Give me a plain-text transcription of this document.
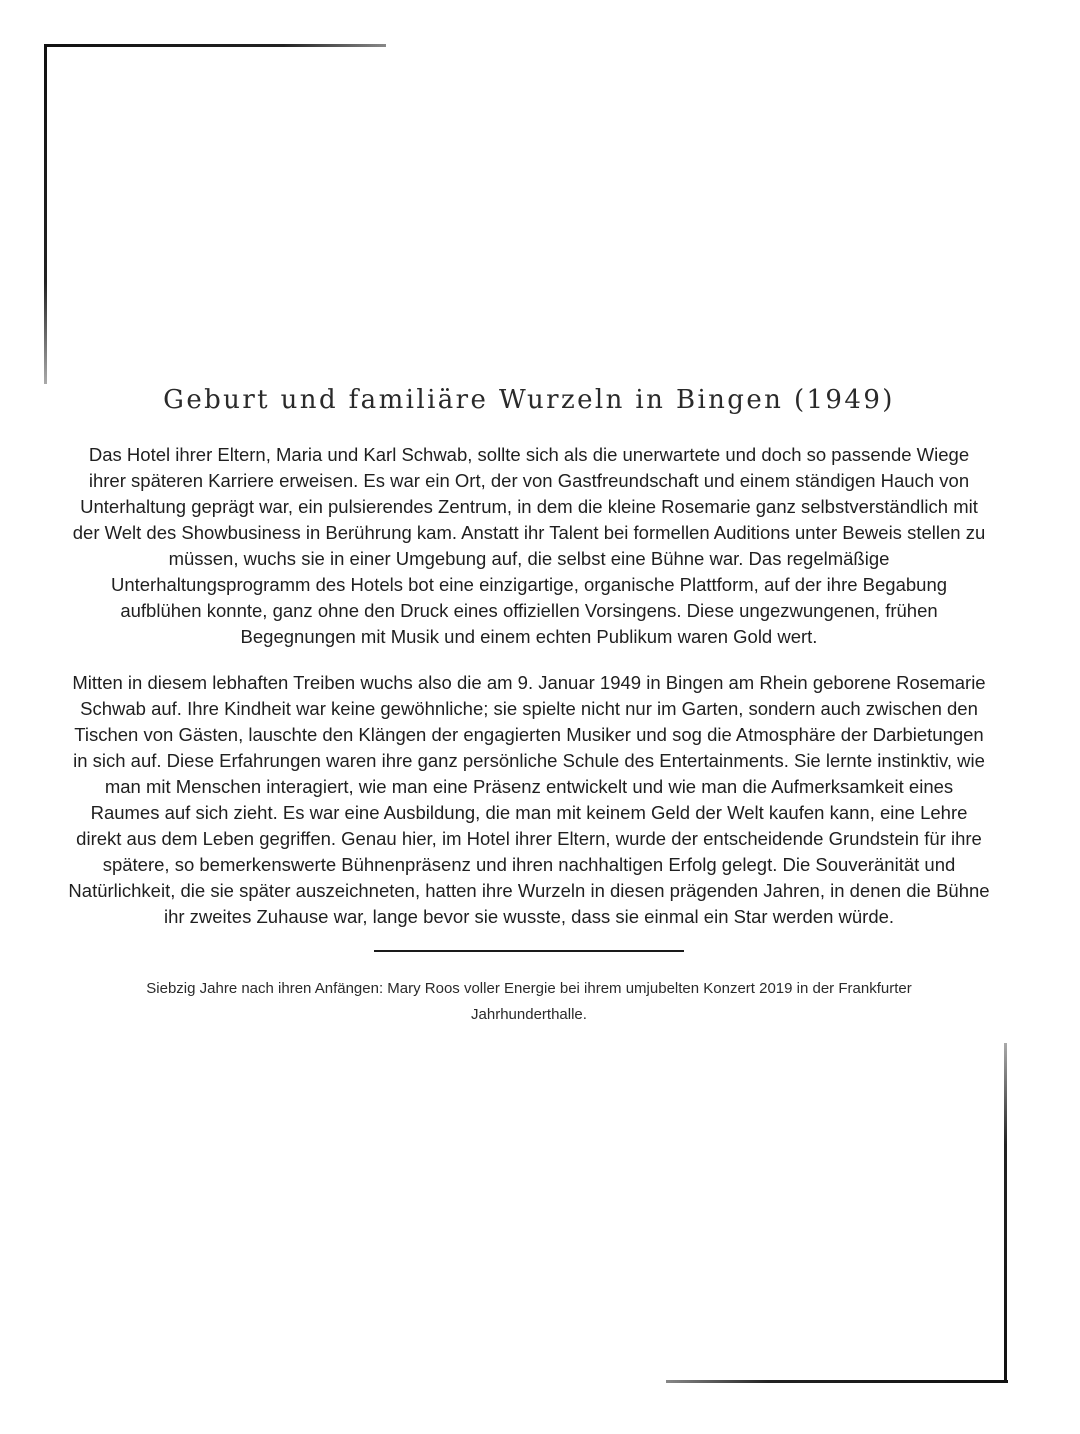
Geburt und familiäre Wurzeln in Bingen (1949)

Das Hotel ihrer Eltern, Maria und Karl Schwab, sollte sich als die unerwartete und doch so passende Wiege ihrer späteren Karriere erweisen. Es war ein Ort, der von Gastfreundschaft und einem ständigen Hauch von Unterhaltung geprägt war, ein pulsierendes Zentrum, in dem die kleine Rosemarie ganz selbstverständlich mit der Welt des Showbusiness in Berührung kam. Anstatt ihr Talent bei formellen Auditions unter Beweis stellen zu müssen, wuchs sie in einer Umgebung auf, die selbst eine Bühne war. Das regelmäßige Unterhaltungsprogramm des Hotels bot eine einzigartige, organische Plattform, auf der ihre Begabung aufblühen konnte, ganz ohne den Druck eines offiziellen Vorsingens. Diese ungezwungenen, frühen Begegnungen mit Musik und einem echten Publikum waren Gold wert.

Mitten in diesem lebhaften Treiben wuchs also die am 9. Januar 1949 in Bingen am Rhein geborene Rosemarie Schwab auf. Ihre Kindheit war keine gewöhnliche; sie spielte nicht nur im Garten, sondern auch zwischen den Tischen von Gästen, lauschte den Klängen der engagierten Musiker und sog die Atmosphäre der Darbietungen in sich auf. Diese Erfahrungen waren ihre ganz persönliche Schule des Entertainments. Sie lernte instinktiv, wie man mit Menschen interagiert, wie man eine Präsenz entwickelt und wie man die Aufmerksamkeit eines Raumes auf sich zieht. Es war eine Ausbildung, die man mit keinem Geld der Welt kaufen kann, eine Lehre direkt aus dem Leben gegriffen. Genau hier, im Hotel ihrer Eltern, wurde der entscheidende Grundstein für ihre spätere, so bemerkenswerte Bühnenpräsenz und ihren nachhaltigen Erfolg gelegt. Die Souveränität und Natürlichkeit, die sie später auszeichneten, hatten ihre Wurzeln in diesen prägenden Jahren, in denen die Bühne ihr zweites Zuhause war, lange bevor sie wusste, dass sie einmal ein Star werden würde.

Siebzig Jahre nach ihren Anfängen: Mary Roos voller Energie bei ihrem umjubelten Konzert 2019 in der Frankfurter Jahrhunderthalle.
